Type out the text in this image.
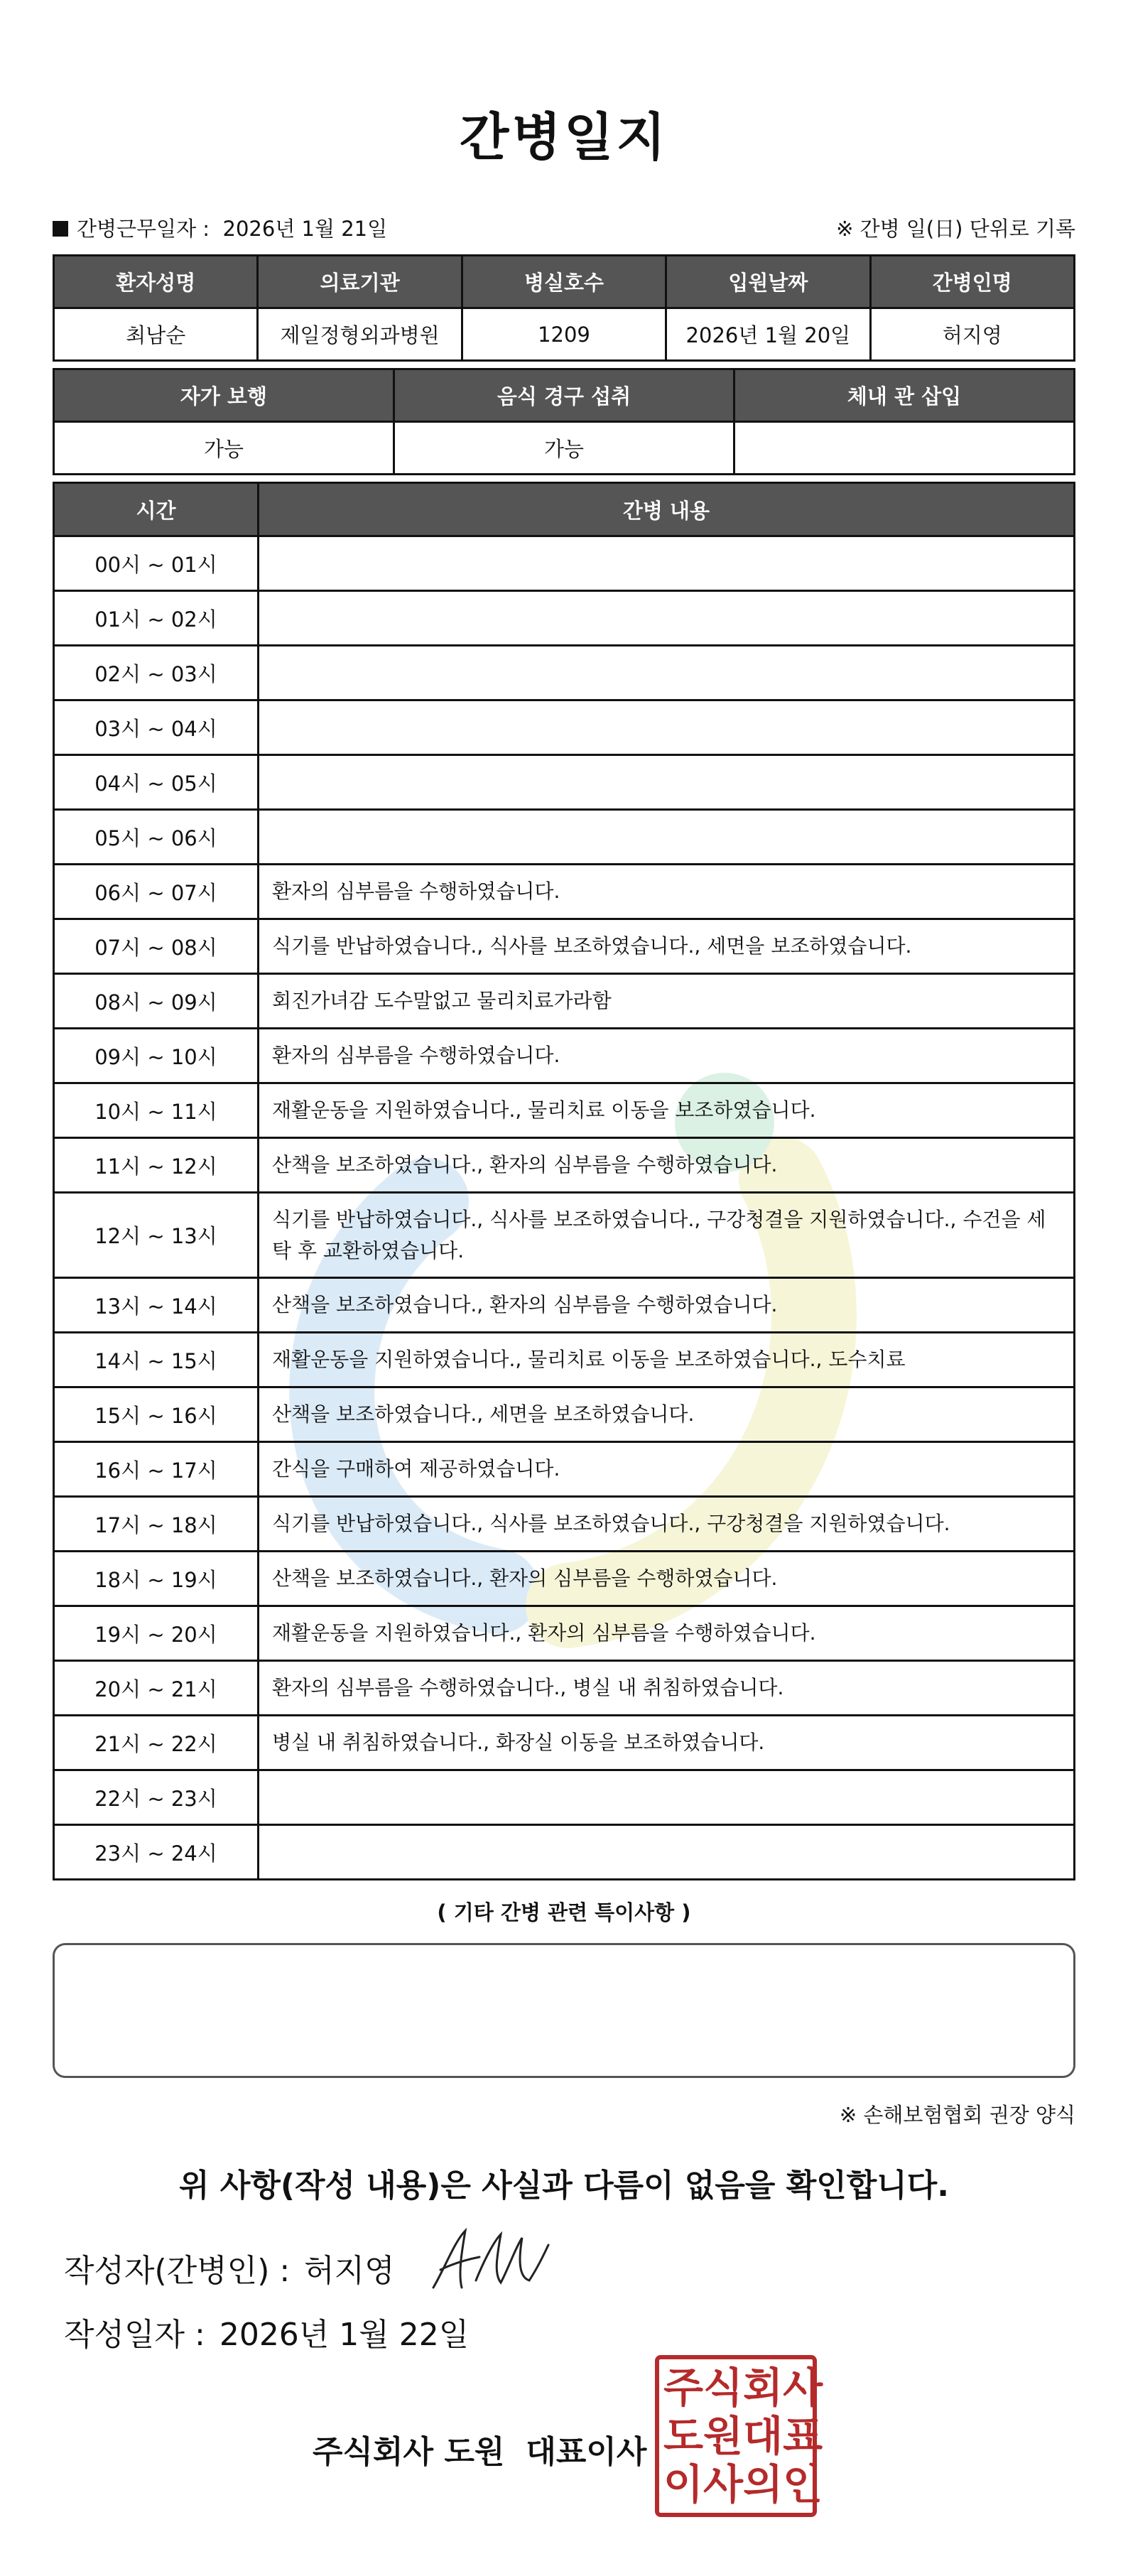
간병일지
간병근무일자 : 2026년 1월 21일	※ 간병 일(日) 단위로 기록
환자성명	의료기관	병실호수	입원날짜	간병인명
최남순	제일정형외과병원	1209	2026년 1월 20일	허지영
자가 보행	음식 경구 섭취	체내 관 삽입
가능	가능	
시간	간병 내용
00시 ~ 01시	
01시 ~ 02시	
02시 ~ 03시	
03시 ~ 04시	
04시 ~ 05시	
05시 ~ 06시	
06시 ~ 07시	환자의 심부름을 수행하였습니다.
07시 ~ 08시	식기를 반납하였습니다., 식사를 보조하였습니다., 세면을 보조하였습니다.
08시 ~ 09시	회진가녀감 도수말없고 물리치료가라함
09시 ~ 10시	환자의 심부름을 수행하였습니다.
10시 ~ 11시	재활운동을 지원하였습니다., 물리치료 이동을 보조하였습니다.
11시 ~ 12시	산책을 보조하였습니다., 환자의 심부름을 수행하였습니다.
12시 ~ 13시	식기를 반납하였습니다., 식사를 보조하였습니다., 구강청결을 지원하였습니다., 수건을 세탁 후 교환하였습니다.
13시 ~ 14시	산책을 보조하였습니다., 환자의 심부름을 수행하였습니다.
14시 ~ 15시	재활운동을 지원하였습니다., 물리치료 이동을 보조하였습니다., 도수치료
15시 ~ 16시	산책을 보조하였습니다., 세면을 보조하였습니다.
16시 ~ 17시	간식을 구매하여 제공하였습니다.
17시 ~ 18시	식기를 반납하였습니다., 식사를 보조하였습니다., 구강청결을 지원하였습니다.
18시 ~ 19시	산책을 보조하였습니다., 환자의 심부름을 수행하였습니다.
19시 ~ 20시	재활운동을 지원하였습니다., 환자의 심부름을 수행하였습니다.
20시 ~ 21시	환자의 심부름을 수행하였습니다., 병실 내 취침하였습니다.
21시 ~ 22시	병실 내 취침하였습니다., 화장실 이동을 보조하였습니다.
22시 ~ 23시	
23시 ~ 24시	
( 기타 간병 관련 특이사항 )
※ 손해보험협회 권장 양식
위 사항(작성 내용)은 사실과 다름이 없음을 확인합니다.
작성자(간병인) : 허지영
작성일자 : 2026년 1월 22일
주식회사 도원 대표이사
주 식 회 사
도 원 대 표
이 사 의 인
